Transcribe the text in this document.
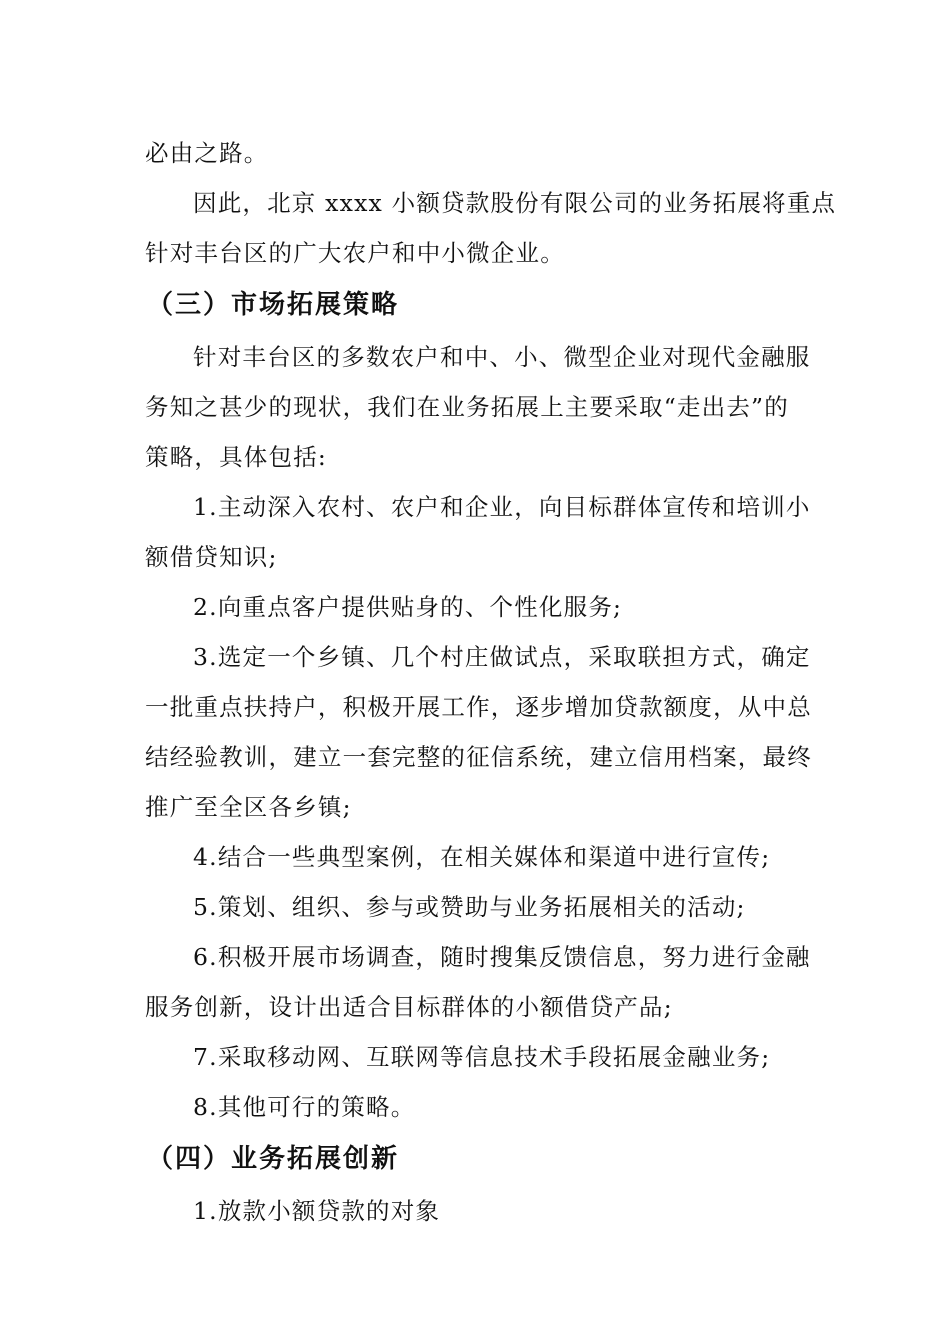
必由之路。
因此，北京 xxxx 小额贷款股份有限公司的业务拓展将重点
针对丰台区的广大农户和中小微企业。
（三）市场拓展策略
针对丰台区的多数农户和中、小、微型企业对现代金融服
务知之甚少的现状，我们在业务拓展上主要采取“走出去”的
策略，具体包括:
1.主动深入农村、农户和企业，向目标群体宣传和培训小
额借贷知识;
2.向重点客户提供贴身的、个性化服务;
3.选定一个乡镇、几个村庄做试点，采取联担方式，确定
一批重点扶持户，积极开展工作，逐步增加贷款额度，从中总
结经验教训，建立一套完整的征信系统，建立信用档案，最终
推广至全区各乡镇;
4.结合一些典型案例，在相关媒体和渠道中进行宣传;
5.策划、组织、参与或赞助与业务拓展相关的活动;
6.积极开展市场调查，随时搜集反馈信息，努力进行金融
服务创新，设计出适合目标群体的小额借贷产品;
7.采取移动网、互联网等信息技术手段拓展金融业务;
8.其他可行的策略。
（四）业务拓展创新
1.放款小额贷款的对象
